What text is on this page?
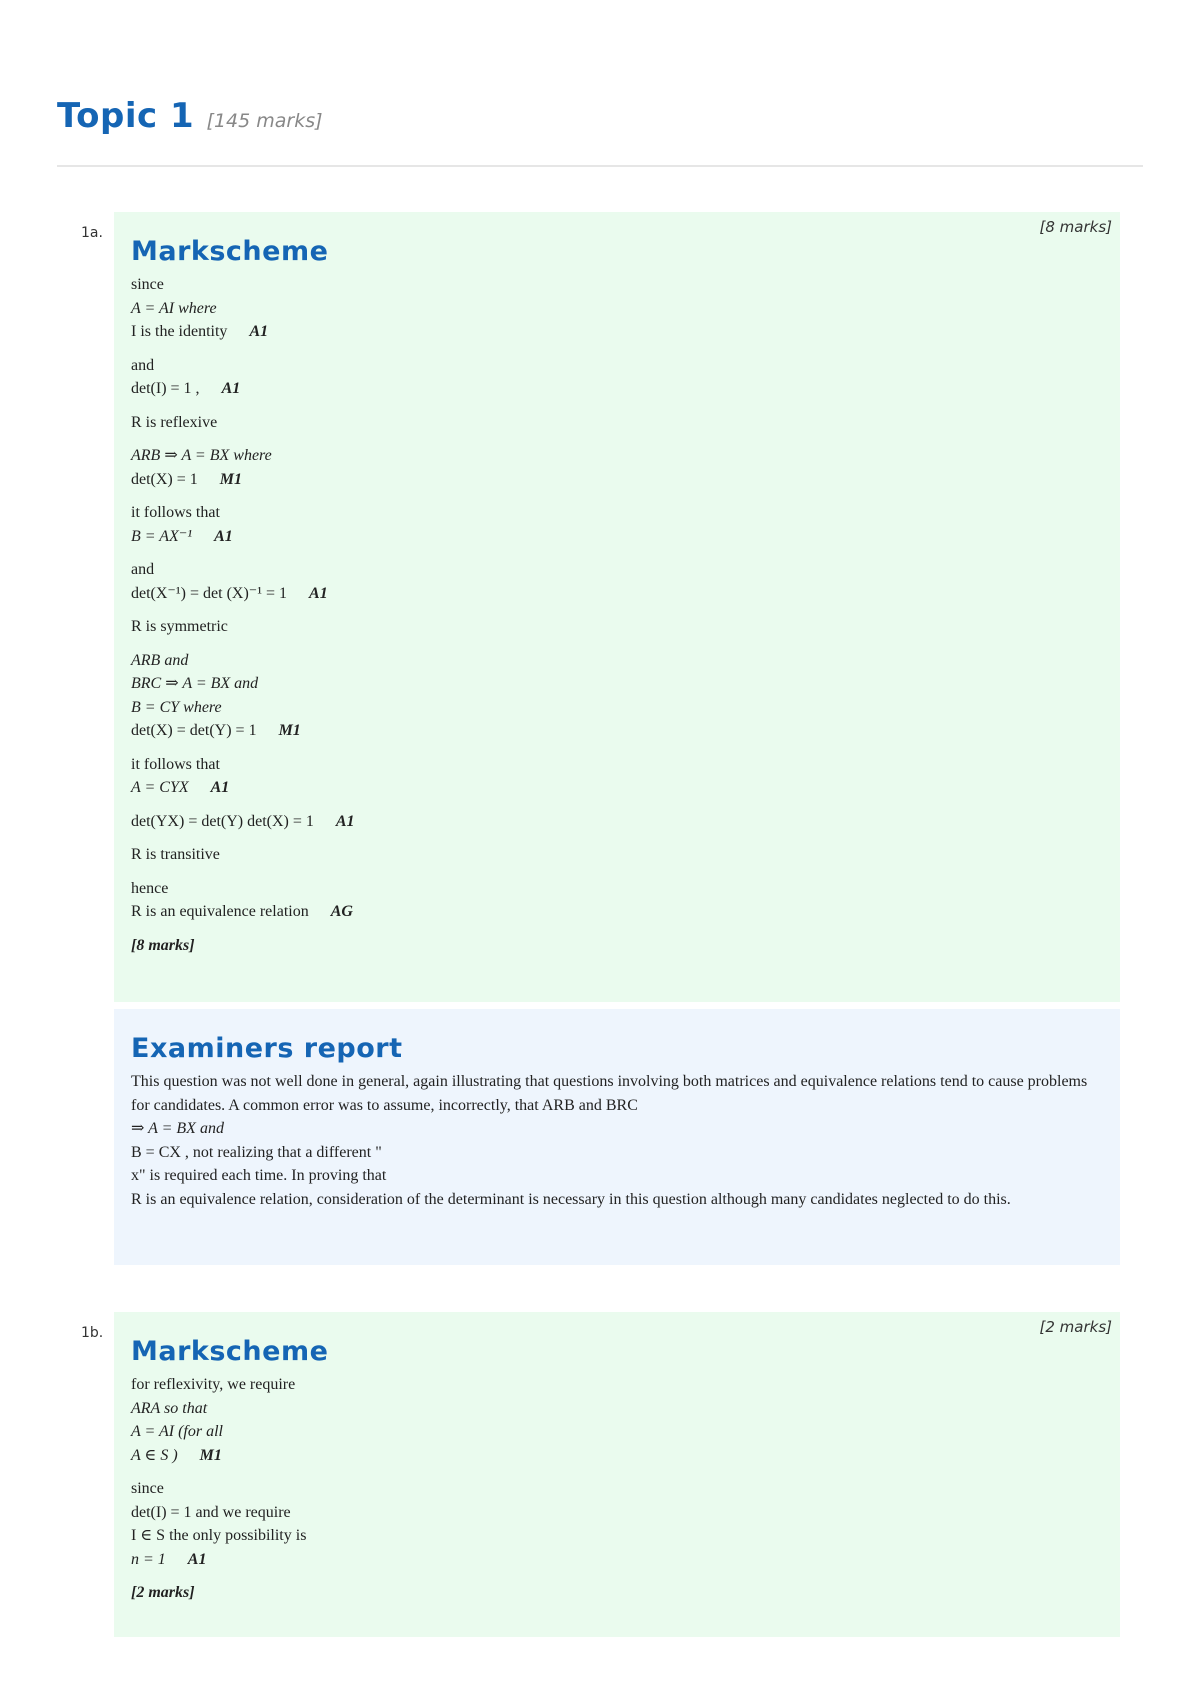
Topic 1 [145 marks]
1a.	[8 marks]
Markscheme
since
A = AI where
I is the identity A1
and
det(I) = 1 , A1
R is reflexive
ARB ⇒ A = BX where
det(X) = 1 M1
it follows that
B = AX⁻¹ A1
and
det(X⁻¹) = det (X)⁻¹ = 1 A1
R is symmetric
ARB and
BRC ⇒ A = BX and
B = CY where
det(X) = det(Y) = 1 M1
it follows that
A = CYX A1
det(YX) = det(Y) det(X) = 1 A1
R is transitive
hence
R is an equivalence relation AG
[8 marks]
Examiners report

This question was not well done in general, again illustrating that questions involving both matrices and equivalence relations tend to cause problems for candidates. A common error was to assume, incorrectly, that ARB and BRC
⇒ A = BX and
B = CX , not realizing that a different "
x" is required each time. In proving that
R is an equivalence relation, consideration of the determinant is necessary in this question although many candidates neglected to do this.

1b.	[2 marks]
Markscheme
for reflexivity, we require
ARA so that
A = AI (for all
A ∈ S ) M1
since
det(I) = 1 and we require
I ∈ S the only possibility is
n = 1 A1
[2 marks]
